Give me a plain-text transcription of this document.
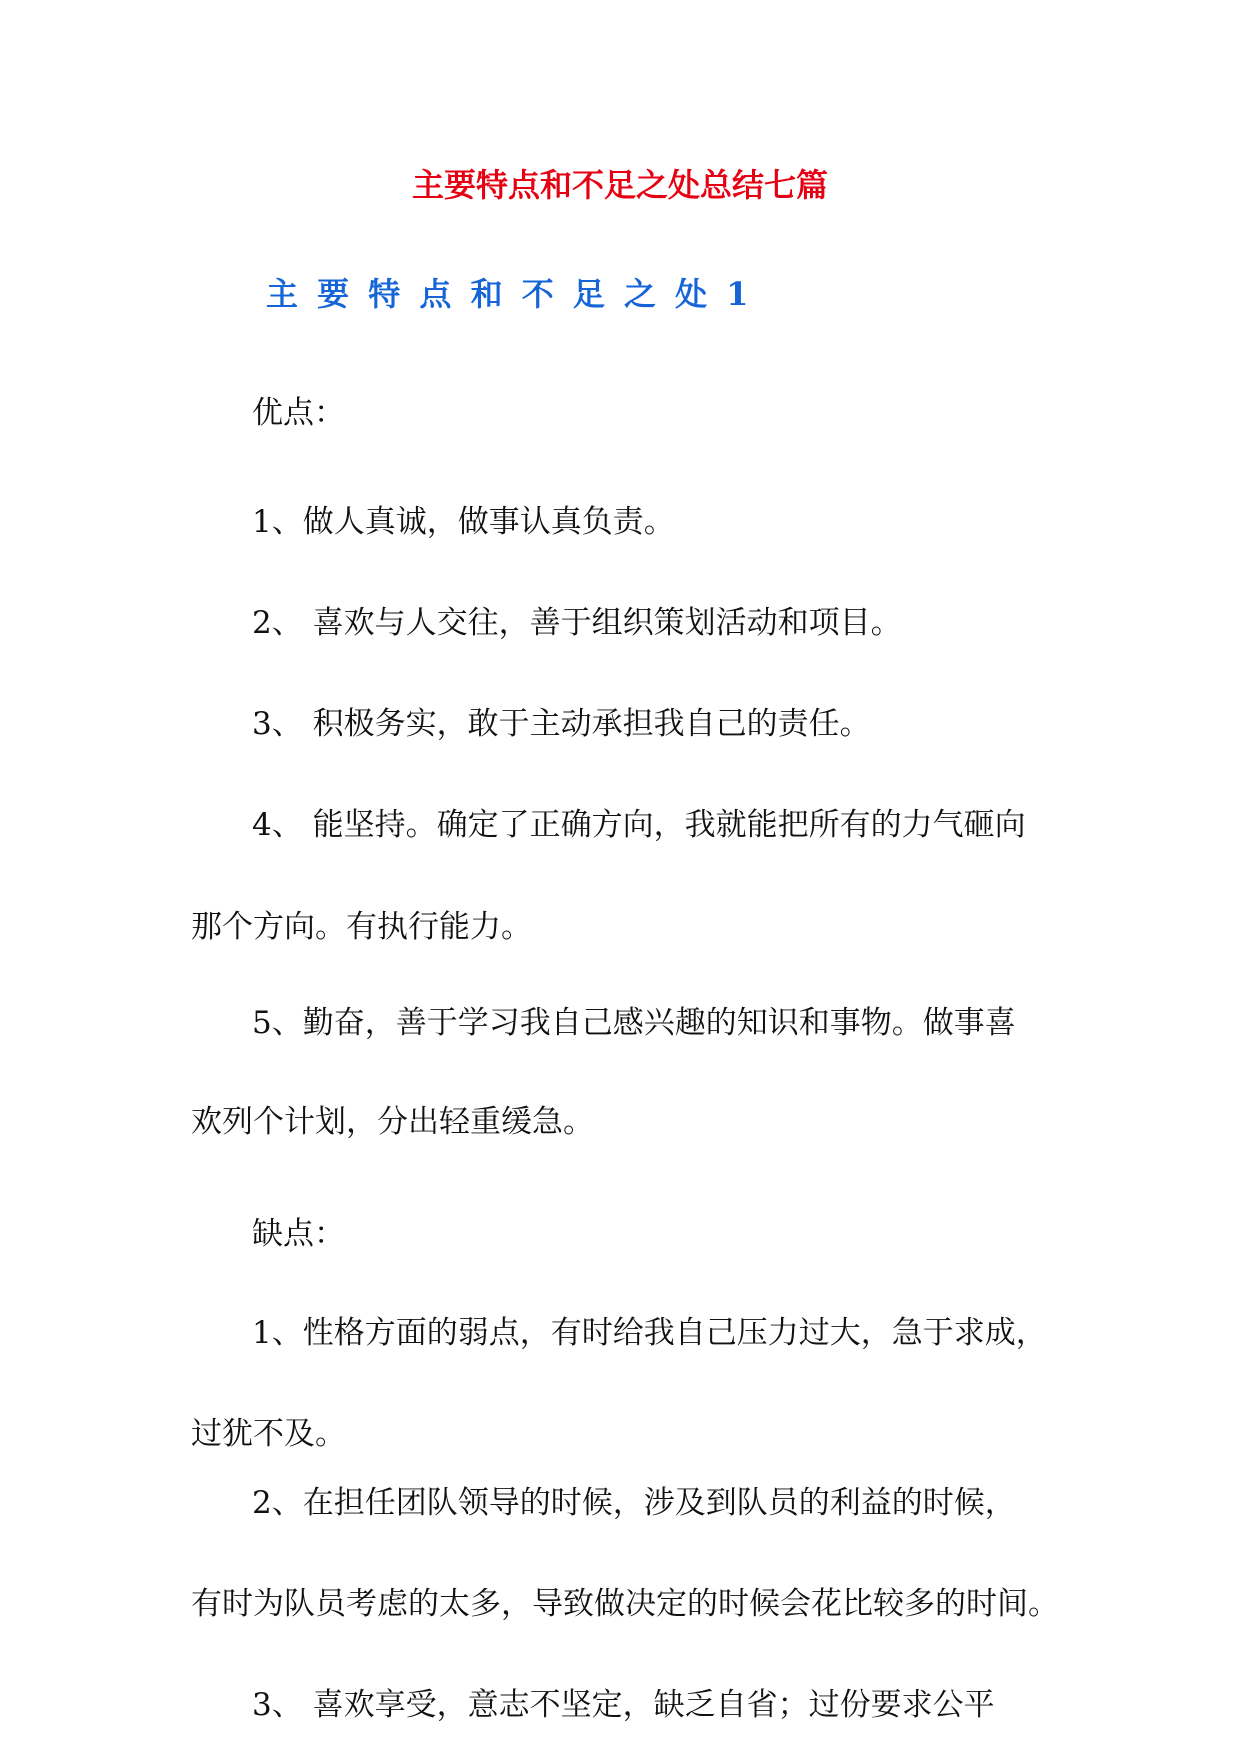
主要特点和不足之处总结七篇
主 要 特 点 和 不 足 之 处 1
优点：
1、做人真诚，做事认真负责。
2、 喜欢与人交往，善于组织策划活动和项目。
3、 积极务实，敢于主动承担我自己的责任。
4、 能坚持。确定了正确方向，我就能把所有的力气砸向
那个方向。有执行能力。
5、勤奋，善于学习我自己感兴趣的知识和事物。做事喜
欢列个计划，分出轻重缓急。
缺点：
1、性格方面的弱点，有时给我自己压力过大，急于求成，
过犹不及。
2、在担任团队领导的时候，涉及到队员的利益的时候，
有时为队员考虑的太多，导致做决定的时候会花比较多的时间。
3、 喜欢享受，意志不坚定，缺乏自省；过份要求公平
